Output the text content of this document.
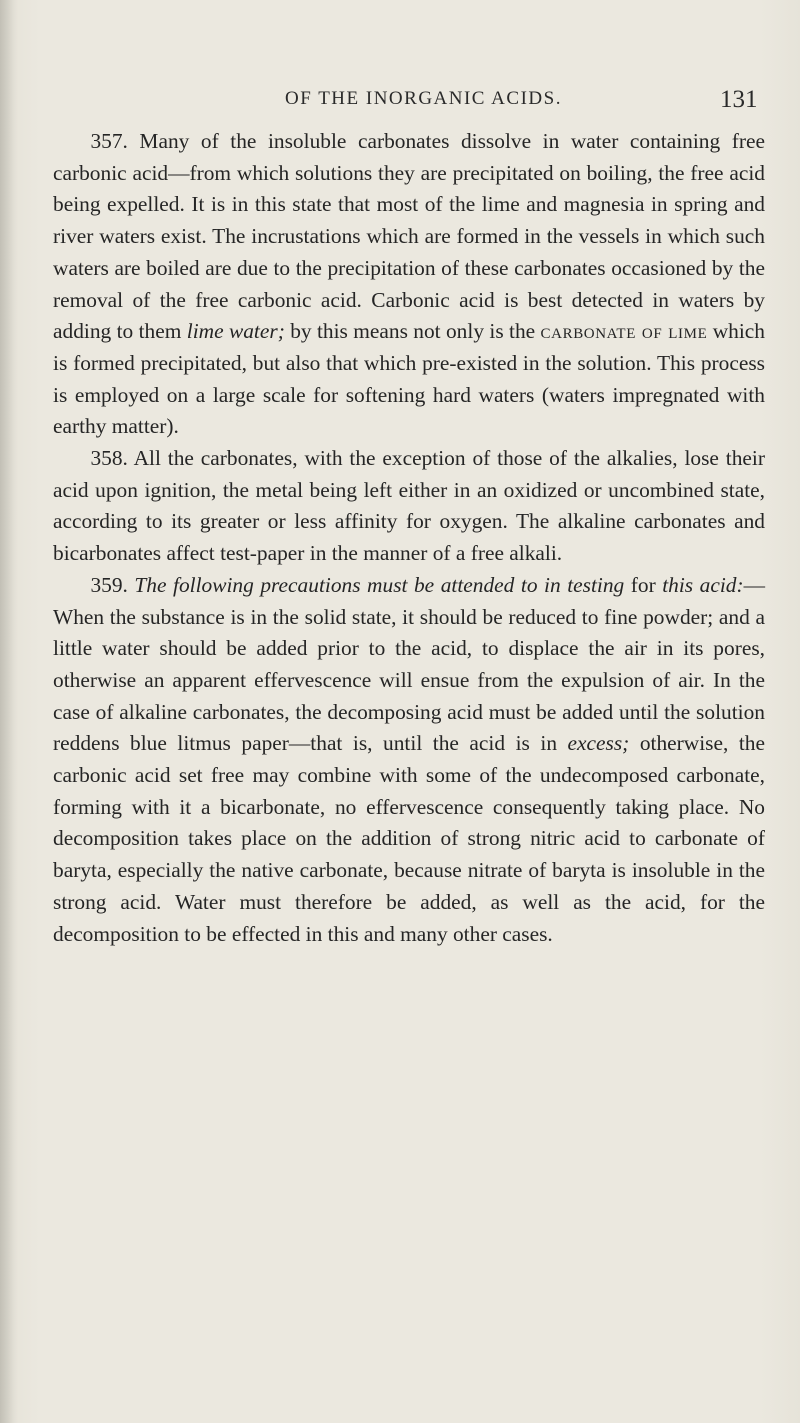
OF THE INORGANIC ACIDS.	131

357. Many of the insoluble carbonates dissolve in water containing free carbonic acid—from which solutions they are precipitated on boiling, the free acid being expelled. It is in this state that most of the lime and magnesia in spring and river waters exist. The incrustations which are formed in the vessels in which such waters are boiled are due to the precipitation of these carbonates occasioned by the removal of the free carbonic acid. Carbonic acid is best detected in waters by adding to them lime water; by this means not only is the carbonate of lime which is formed precipitated, but also that which pre-existed in the solution. This process is employed on a large scale for softening hard waters (waters impregnated with earthy matter).

358. All the carbonates, with the exception of those of the alkalies, lose their acid upon ignition, the metal being left either in an oxidized or uncombined state, according to its greater or less affinity for oxygen. The alkaline carbonates and bicarbonates affect test-paper in the manner of a free alkali.

359. The following precautions must be attended to in testing for this acid:—When the substance is in the solid state, it should be reduced to fine powder; and a little water should be added prior to the acid, to displace the air in its pores, otherwise an apparent effervescence will ensue from the expulsion of air. In the case of alkaline carbonates, the decomposing acid must be added until the solution reddens blue litmus paper—that is, until the acid is in excess; otherwise, the carbonic acid set free may combine with some of the undecomposed carbonate, forming with it a bicarbonate, no effervescence consequently taking place. No decomposition takes place on the addition of strong nitric acid to carbonate of baryta, especially the native carbonate, because nitrate of baryta is insoluble in the strong acid. Water must therefore be added, as well as the acid, for the decomposition to be effected in this and many other cases.
